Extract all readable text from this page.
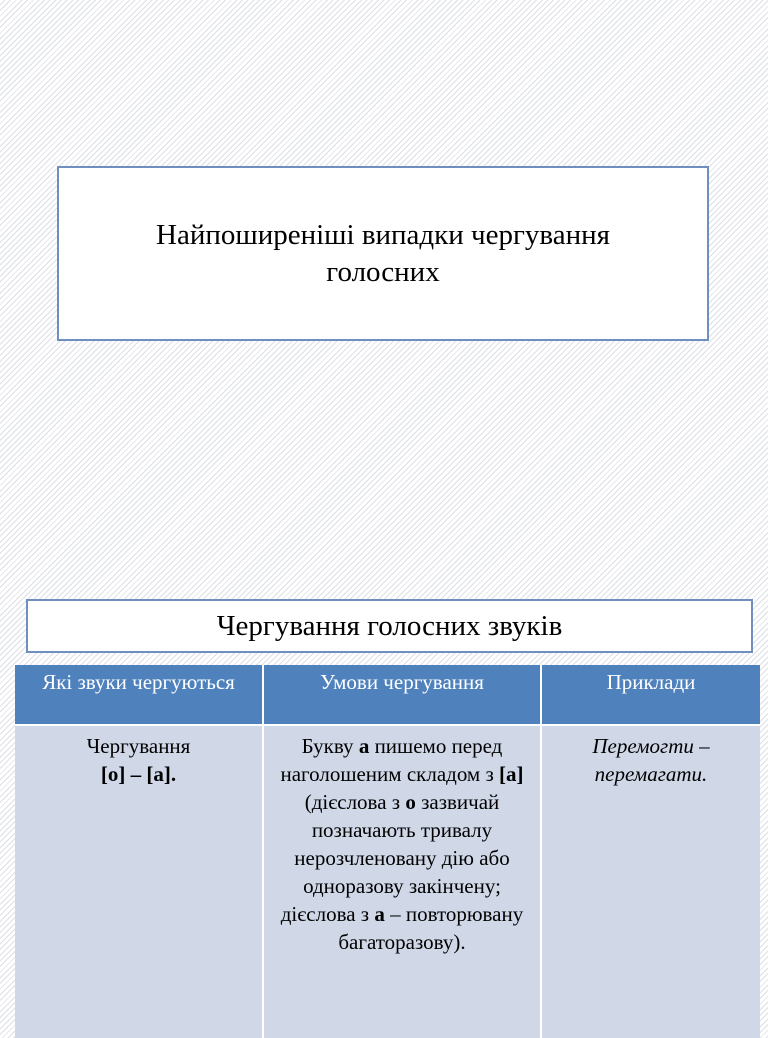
Найпоширеніші випадки чергування голосних
Чергування голосних звуків
Які звуки чергуються	Умови чергування	Приклади
Чергування
[о] – [а].	Букву а пишемо перед наголошеним складом з [а] (дієслова з о зазвичай позначають тривалу нерозчленовану дію або одноразову закінчену; дієслова з а – повторювану багаторазову).	Перемогти – перемагати.
